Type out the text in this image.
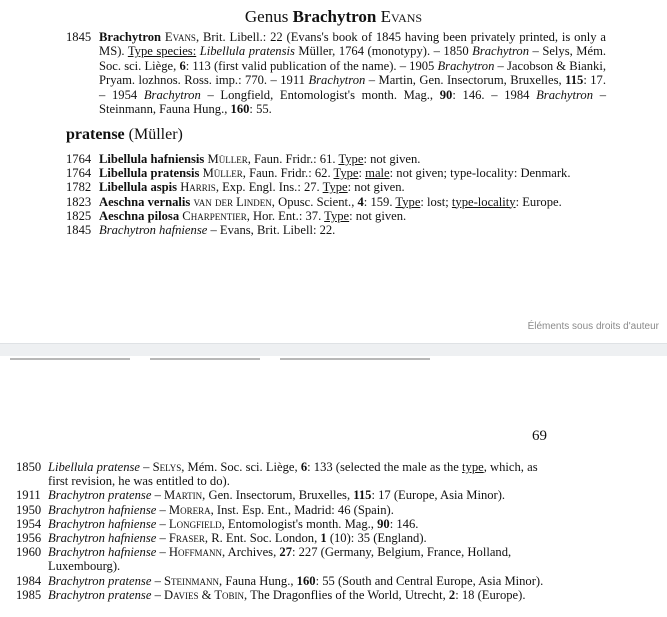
Genus Brachytron Evans
1845 Brachytron Evans, Brit. Libell.: 22 (Evans's book of 1845 having been privately printed, is only a MS). Type species: Libellula pratensis Müller, 1764 (monotypy). – 1850 Brachytron – Selys, Mém. Soc. sci. Liège, 6: 113 (first valid publication of the name). – 1905 Brachytron – Jacobson & Bianki, Pryam. lozhnos. Ross. imp.: 770. – 1911 Brachytron – Martin, Gen. Insectorum, Bruxelles, 115: 17. – 1954 Brachytron – Longfield, Entomologist's month. Mag., 90: 146. – 1984 Brachytron – Steinmann, Fauna Hung., 160: 55.
pratense (Müller)
1764 Libellula hafniensis Müller, Faun. Fridr.: 61. Type: not given.
1764 Libellula pratensis Müller, Faun. Fridr.: 62. Type: male: not given; type-locality: Denmark.
1782 Libellula aspis Harris, Exp. Engl. Ins.: 27. Type: not given.
1823 Aeschna vernalis van der Linden, Opusc. Scient., 4: 159. Type: lost; type-locality: Europe.
1825 Aeschna pilosa Charpentier, Hor. Ent.: 37. Type: not given.
1845 Brachytron hafniense – Evans, Brit. Libell: 22.
Éléments sous droits d'auteur
69
1850 Libellula pratense – Selys, Mém. Soc. sci. Liège, 6: 133 (selected the male as the type, which, as first revision, he was entitled to do).
1911 Brachytron pratense – Martin, Gen. Insectorum, Bruxelles, 115: 17 (Europe, Asia Minor).
1950 Brachytron hafniense – Morera, Inst. Esp. Ent., Madrid: 46 (Spain).
1954 Brachytron hafniense – Longfield, Entomologist's month. Mag., 90: 146.
1956 Brachytron hafniense – Fraser, R. Ent. Soc. London, 1 (10): 35 (England).
1960 Brachytron hafniense – Hoffmann, Archives, 27: 227 (Germany, Belgium, France, Holland, Luxembourg).
1984 Brachytron pratense – Steinmann, Fauna Hung., 160: 55 (South and Central Europe, Asia Minor).
1985 Brachytron pratense – Davies & Tobin, The Dragonflies of the World, Utrecht, 2: 18 (Europe).
